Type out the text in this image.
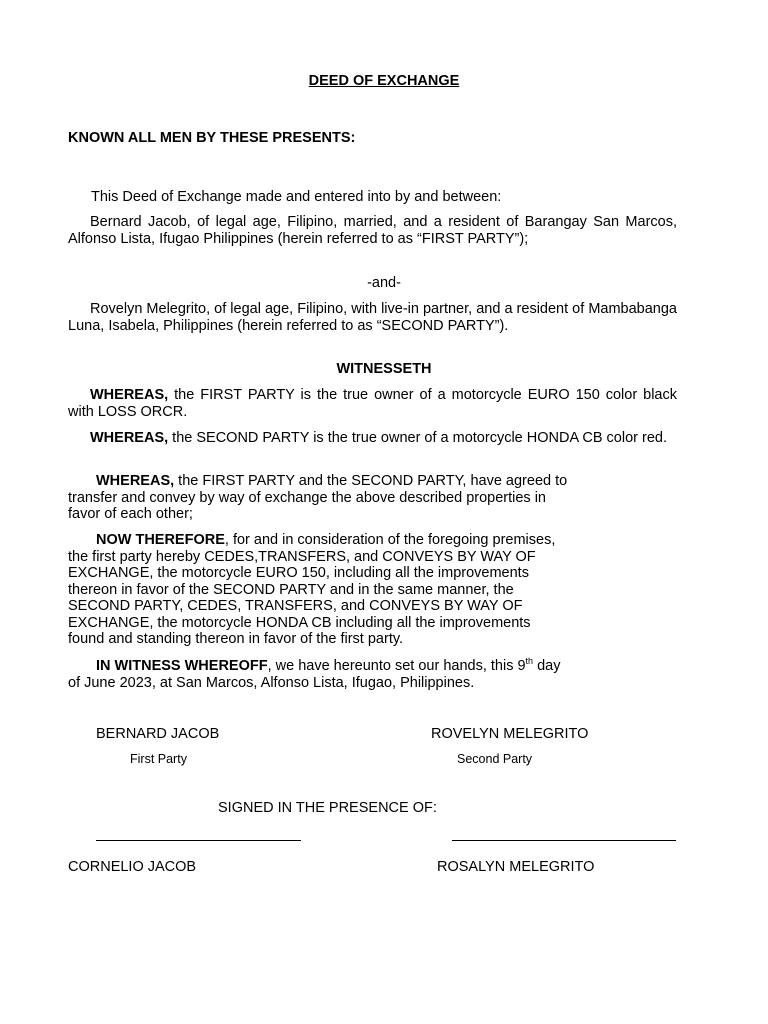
DEED OF EXCHANGE
KNOWN ALL MEN BY THESE PRESENTS:
This Deed of Exchange made and entered into by and between:
Bernard Jacob, of legal age, Filipino, married, and a resident of Barangay San Marcos, Alfonso Lista, Ifugao Philippines (herein referred to as “FIRST PARTY”);
-and-
Rovelyn Melegrito, of legal age, Filipino, with live-in partner, and a resident of Mambabanga Luna, Isabela, Philippines (herein referred to as “SECOND PARTY”).
WITNESSETH
WHEREAS, the FIRST PARTY is the true owner of a motorcycle EURO 150 color black with LOSS ORCR.
WHEREAS, the SECOND PARTY is the true owner of a motorcycle HONDA CB color red.
WHEREAS, the FIRST PARTY and the SECOND PARTY, have agreed to
transfer and convey by way of exchange the above described properties in
favor of each other;
NOW THEREFORE, for and in consideration of the foregoing premises,
the first party hereby CEDES,TRANSFERS, and CONVEYS BY WAY OF
EXCHANGE, the motorcycle EURO 150, including all the improvements
thereon in favor of the SECOND PARTY and in the same manner, the
SECOND PARTY, CEDES, TRANSFERS, and CONVEYS BY WAY OF
EXCHANGE, the motorcycle HONDA CB including all the improvements
found and standing thereon in favor of the first party.
IN WITNESS WHEREOFF, we have hereunto set our hands, this 9th day
of June 2023, at San Marcos, Alfonso Lista, Ifugao, Philippines.
BERNARD JACOB
First Party
ROVELYN MELEGRITO
Second Party
SIGNED IN THE PRESENCE OF:
CORNELIO JACOB	ROSALYN MELEGRITO
